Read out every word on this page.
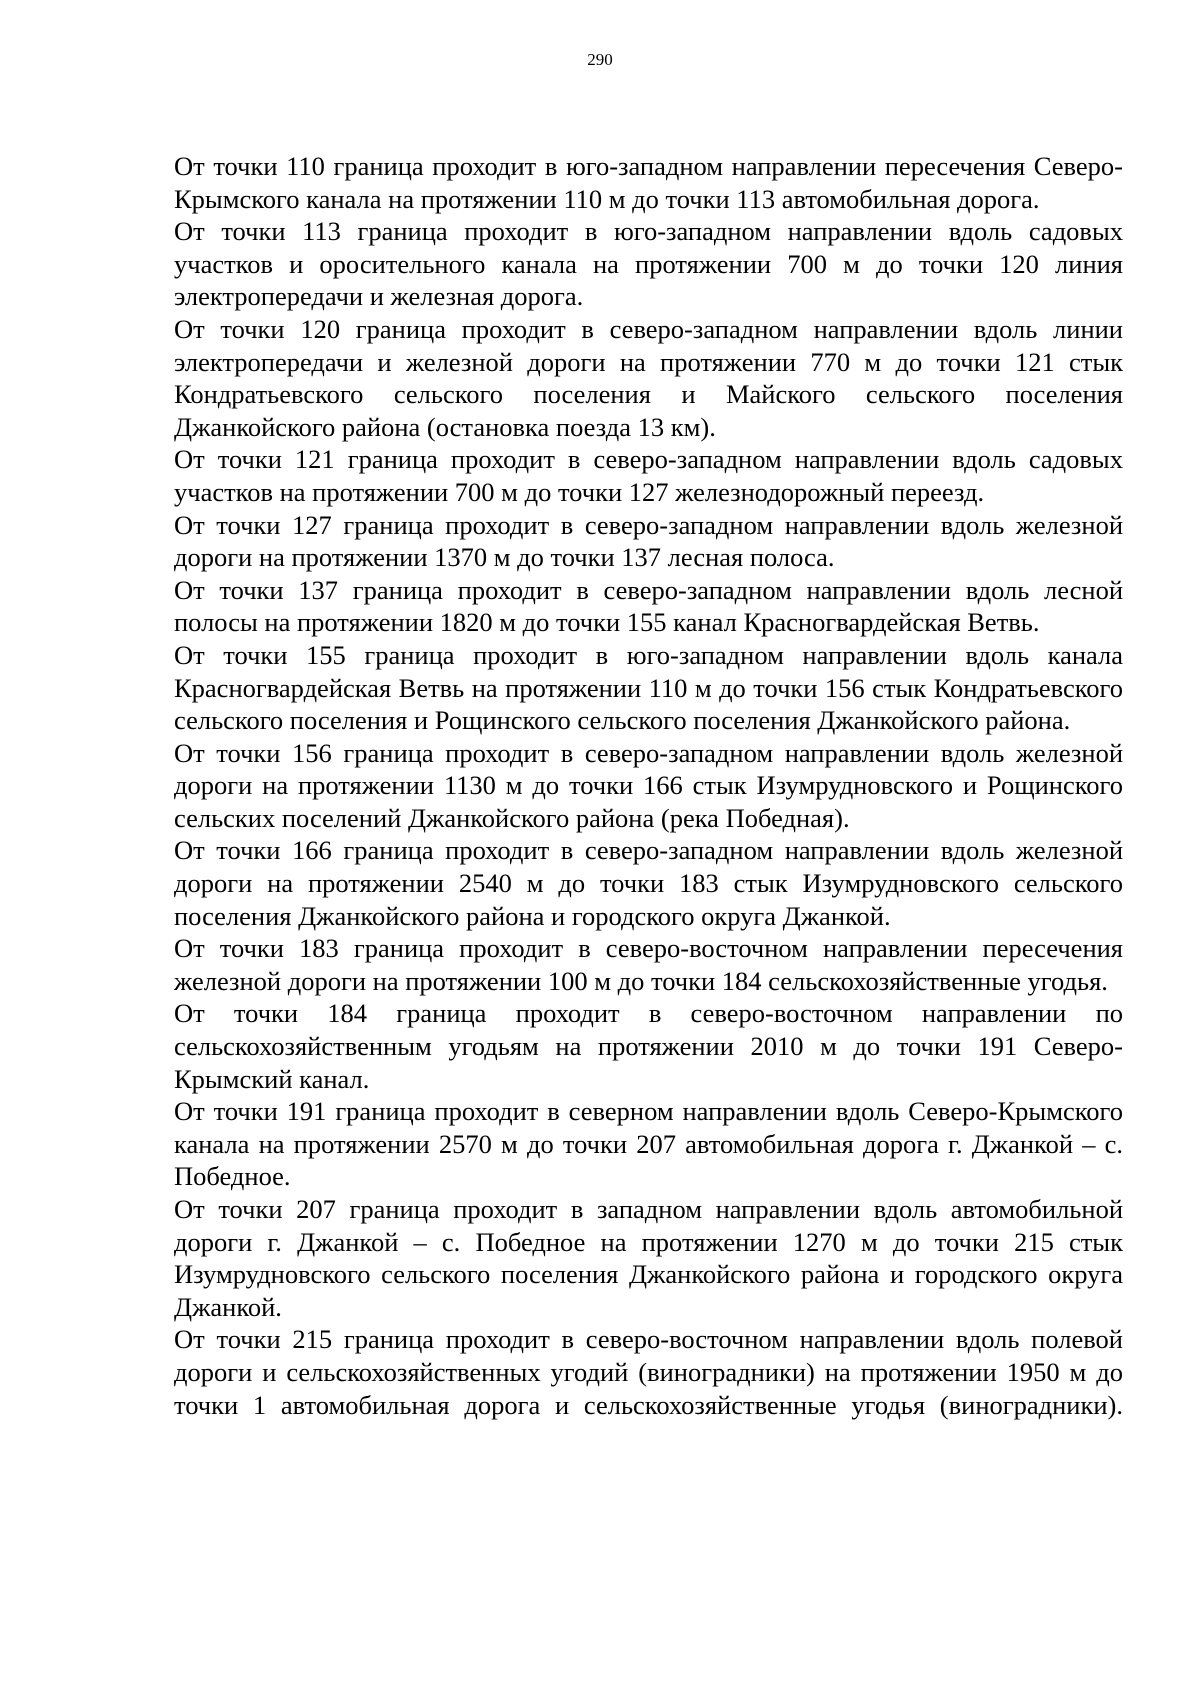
290

От точки 110 граница проходит в юго-западном направлении пересечения Северо-Крымского канала на протяжении 110 м до точки 113 автомобильная дорога.

От точки 113 граница проходит в юго-западном направлении вдоль садовых участков и оросительного канала на протяжении 700 м до точки 120 линия электропередачи и железная дорога.

От точки 120 граница проходит в северо-западном направлении вдоль линии электропередачи и железной дороги на протяжении 770 м до точки 121 стык Кондратьевского сельского поселения и Майского сельского поселения Джанкойского района (остановка поезда 13 км).

От точки 121 граница проходит в северо-западном направлении вдоль садовых участков на протяжении 700 м до точки 127 железнодорожный переезд.

От точки 127 граница проходит в северо-западном направлении вдоль железной дороги на протяжении 1370 м до точки 137 лесная полоса.

От точки 137 граница проходит в северо-западном направлении вдоль лесной полосы на протяжении 1820 м до точки 155 канал Красногвардейская Ветвь.

От точки 155 граница проходит в юго-западном направлении вдоль канала Красногвардейская Ветвь на протяжении 110 м до точки 156 стык Кондратьевского сельского поселения и Рощинского сельского поселения Джанкойского района.

От точки 156 граница проходит в северо-западном направлении вдоль железной дороги на протяжении 1130 м до точки 166 стык Изумрудновского и Рощинского сельских поселений Джанкойского района (река Победная).

От точки 166 граница проходит в северо-западном направлении вдоль железной дороги на протяжении 2540 м до точки 183 стык Изумрудновского сельского поселения Джанкойского района и городского округа Джанкой.

От точки 183 граница проходит в северо-восточном направлении пересечения железной дороги на протяжении 100 м до точки 184 сельскохозяйственные угодья.

От точки 184 граница проходит в северо-восточном направлении по сельскохозяйственным угодьям на протяжении 2010 м до точки 191 Северо-Крымский канал.

От точки 191 граница проходит в северном направлении вдоль Северо-Крымского канала на протяжении 2570 м до точки 207 автомобильная дорога г. Джанкой – с. Победное.

От точки 207 граница проходит в западном направлении вдоль автомобильной дороги г. Джанкой – с. Победное на протяжении 1270 м до точки 215 стык Изумрудновского сельского поселения Джанкойского района и городского округа Джанкой.

От точки 215 граница проходит в северо-восточном направлении вдоль полевой дороги и сельскохозяйственных угодий (виноградники) на протяжении 1950 м до точки 1 автомобильная дорога и сельскохозяйственные угодья (виноградники).
